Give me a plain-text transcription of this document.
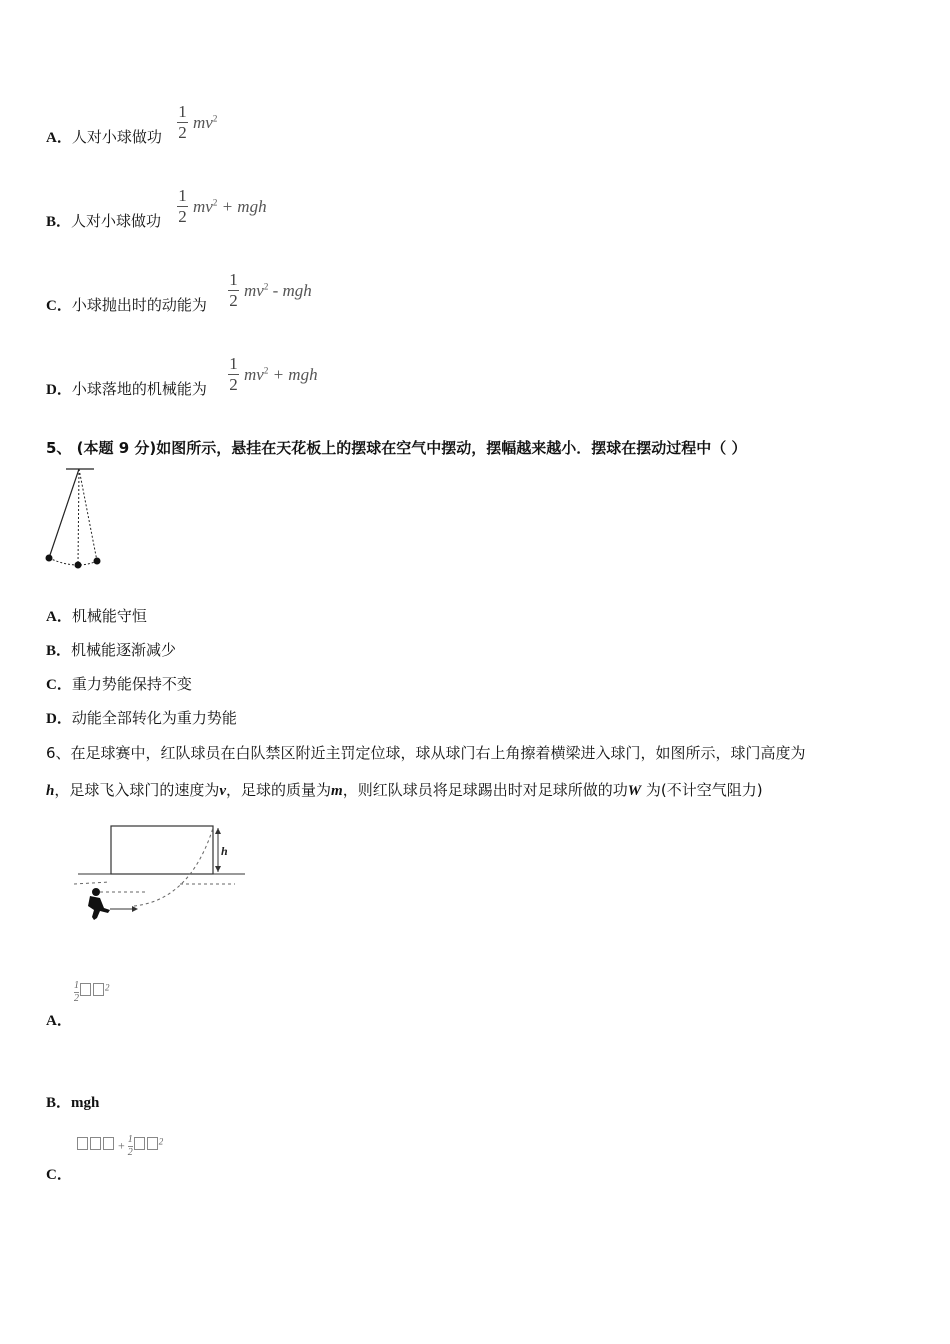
A．人对小球做功
1
2
$mv^2$
B．人对小球做功
1
2
$mv^2$ + mgh
C．小球抛出时的动能为
1
2
$mv^2$ - mgh
D．小球落地的机械能为
1
2
$mv^2$ + mgh
5、 (本题 9 分)如图所示，悬挂在天花板上的摆球在空气中摆动，摆幅越来越小．摆球在摆动过程中（ ）
A．机械能守恒
B．机械能逐渐减少
C．重力势能保持不变
D．动能全部转化为重力势能
6、在足球赛中，红队球员在白队禁区附近主罚定位球，球从球门右上角擦着横梁进入球门，如图所示，球门高度为
h，足球飞入球门的速度为v，足球的质量为m，则红队球员将足球踢出时对足球所做的功W 为(不计空气阻力)
h
1

2
$^2$
A．
B．mgh
+ 1

2
$^2$
C．
